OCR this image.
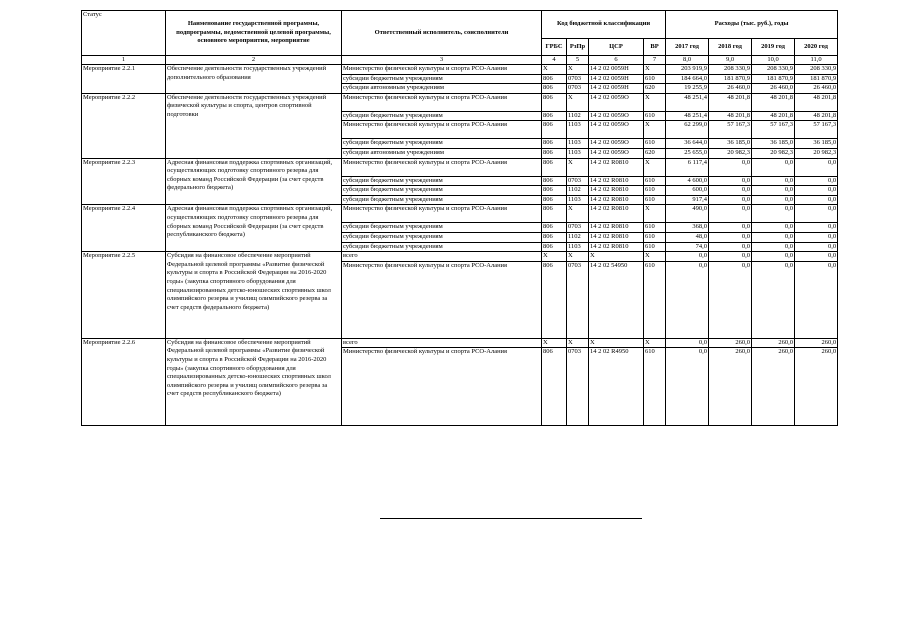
Статус	Наименование государственной программы, подпрограммы, ведомственной целевой программы, основного мероприятия, мероприятие	Ответственный исполнитель, соисполнители	Код бюджетной классификации				Расходы (тыс. руб.), годы			
			ГРБС	РзПр	ЦСР	ВР	2017 год	2018 год	2019 год	2020 год
1	2	3	4	5	6	7	8,0	9,0	10,0	11,0
Мероприятие 2.2.1	Обеспечение деятельности государственных учреждений дополнительного образования	Министерство физической культуры и спорта РСО-Алания	X	X	14 2 02 0059Н	X	203 919,9	208 330,9	208 330,9	208 330,9
		субсидии бюджетным учреждениям	806	0703	14 2 02 0059Н	610	184 664,0	181 870,9	181 870,9	181 870,9
		субсидии автономным учреждениям	806	0703	14 2 02 0059Н	620	19 255,9	26 460,0	26 460,0	26 460,0
Мероприятие 2.2.2	Обеспечение деятельности государственных учреждений физической культуры и спорта, центров спортивной подготовки	Министерство физической культуры и спорта РСО-Алания	806	X	14 2 02 0059О	X	48 251,4	48 201,8	48 201,8	48 201,8
		субсидии бюджетным учреждениям	806	1102	14 2 02 0059О	610	48 251,4	48 201,8	48 201,8	48 201,8
		Министерство физической культуры и спорта РСО-Алания	806	1103	14 2 02 0059О	X	62 299,0	57 167,3	57 167,3	57 167,3
		субсидии бюджетным учреждениям	806	1103	14 2 02 0059О	610	36 644,0	36 185,0	36 185,0	36 185,0
		субсидии автономным учреждениям	806	1103	14 2 02 0059О	620	25 655,0	20 982,3	20 982,3	20 982,3
Мероприятие 2.2.3	Адресная финансовая поддержка спортивных организаций, осуществляющих подготовку спортивного резерва для сборных команд Российской Федерации (за счет средств федерального бюджета)	Министерство физической культуры и спорта РСО-Алания	806	X	14 2 02 R0810	X	6 117,4	0,0	0,0	0,0
		субсидии бюджетным учреждениям	806	0703	14 2 02 R0810	610	4 600,0	0,0	0,0	0,0
		субсидии бюджетным учреждениям	806	1102	14 2 02 R0810	610	600,0	0,0	0,0	0,0
		субсидии бюджетным учреждениям	806	1103	14 2 02 R0810	610	917,4	0,0	0,0	0,0
Мероприятие 2.2.4	Адресная финансовая поддержка спортивных организаций, осуществляющих подготовку спортивного резерва для сборных команд Российской Федерации (за счет средств республиканского бюджета)	Министерство физической культуры и спорта РСО-Алания	806	X	14 2 02 R0810	X	490,0	0,0	0,0	0,0
		субсидии бюджетным учреждениям	806	0703	14 2 02 R0810	610	368,0	0,0	0,0	0,0
		субсидии бюджетным учреждениям	806	1102	14 2 02 R0810	610	48,0	0,0	0,0	0,0
		субсидии бюджетным учреждениям	806	1103	14 2 02 R0810	610	74,0	0,0	0,0	0,0
Мероприятие 2.2.5	Субсидия на финансовое обеспечение мероприятий Федеральной целевой программы «Развитие физической культуры и спорта в Российской Федерации на 2016-2020 годы» (закупка спортивного оборудования для специализированных детско-юношеских спортивных школ олимпийского резерва и училищ олимпийского резерва за счет средств федерального бюджета)	всего	X	X	X	X	0,0	0,0	0,0	0,0
		Министерство физической культуры и спорта РСО-Алания	806	0703	14 2 02 54950	610	0,0	0,0	0,0	0,0
Мероприятие 2.2.6	Субсидия на финансовое обеспечение мероприятий Федеральной целевой программы «Развитие физической культуры и спорта в Российской Федерации на 2016-2020 годы» (закупка спортивного оборудования для специализированных детско-юношеских спортивных школ олимпийского резерва и училищ олимпийского резерва за счет средств республиканского бюджета)	всего	X	X	X	X	0,0	260,0	260,0	260,0
		Министерство физической культуры и спорта РСО-Алания	806	0703	14 2 02 R4950	610	0,0	260,0	260,0	260,0
